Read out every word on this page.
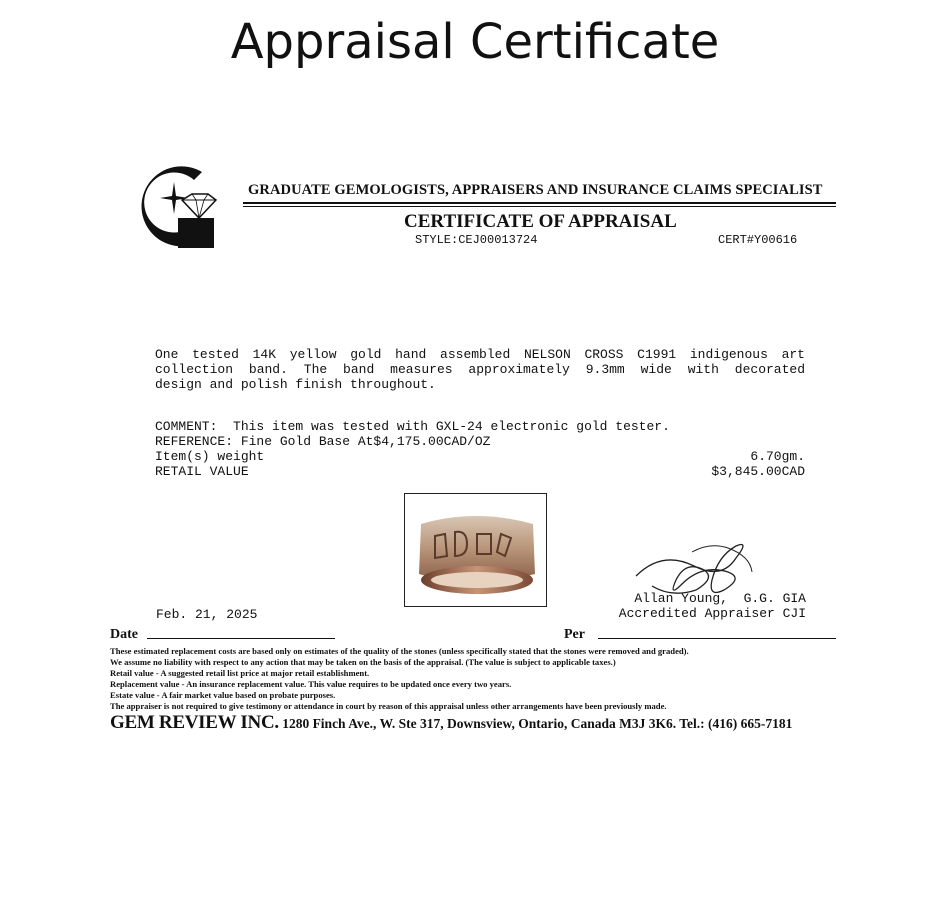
Appraisal Certificate
GRADUATE GEMOLOGISTS, APPRAISERS AND INSURANCE CLAIMS SPECIALIST
CERTIFICATE OF APPRAISAL
STYLE:CEJ00013724	CERT#Y00616
One tested 14K yellow gold hand assembled NELSON CROSS C1991 indigenous art
collection band. The band measures approximately 9.3mm wide with decorated
design and polish finish throughout.
COMMENT:  This item was tested with GXL-24 electronic gold tester.
REFERENCE: Fine Gold Base At$4,175.00CAD/OZ
Item(s) weight	6.70gm.
RETAIL VALUE	$3,845.00CAD
Allan Young,  G.G. GIA
Accredited Appraiser CJI
Feb. 21, 2025
Date	Per
These estimated replacement costs are based only on estimates of the quality of the stones (unless specifically stated that the stones were removed and graded).
We assume no liability with respect to any action that may be taken on the basis of the appraisal. (The value is subject to applicable taxes.)
Retail value - A suggested retail list price at major retail establishment.
Replacement value - An insurance replacement value. This value requires to be updated once every two years.
Estate value - A fair market value based on probate purposes.
The appraiser is not required to give testimony or attendance in court by reason of this appraisal unless other arrangements have been previously made.
GEM REVIEW INC. 1280 Finch Ave., W. Ste 317, Downsview, Ontario, Canada M3J 3K6. Tel.: (416) 665-7181
